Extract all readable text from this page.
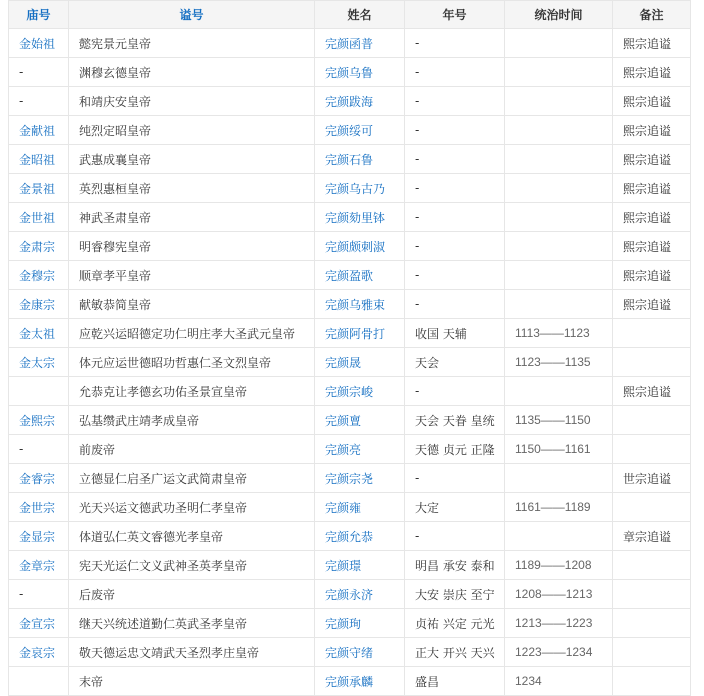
庙号	谥号	姓名	年号	统治时间	备注
金始祖	懿宪景元皇帝	完颜函普	-		熙宗追谥
-	渊穆玄德皇帝	完颜乌鲁	-		熙宗追谥
-	和靖庆安皇帝	完颜跋海	-		熙宗追谥
金献祖	纯烈定昭皇帝	完颜绥可	-		熙宗追谥
金昭祖	武惠成襄皇帝	完颜石鲁	-		熙宗追谥
金景祖	英烈惠桓皇帝	完颜乌古乃	-		熙宗追谥
金世祖	神武圣肃皇帝	完颜劾里钵	-		熙宗追谥
金肃宗	明睿穆宪皇帝	完颜颇刺淑	-		熙宗追谥
金穆宗	顺章孝平皇帝	完颜盈歌	-		熙宗追谥
金康宗	献敏恭简皇帝	完颜乌雅束	-		熙宗追谥
金太祖	应乾兴运昭德定功仁明庄孝大圣武元皇帝	完颜阿骨打	收国 天辅	1113——1123	
金太宗	体元应运世德昭功哲惠仁圣文烈皇帝	完颜晟	天会	1123——1135	
	允恭克让孝德玄功佑圣景宣皇帝	完颜宗峻	-		熙宗追谥
金熙宗	弘基缵武庄靖孝成皇帝	完颜亶	天会 天眷 皇统	1135——1150	
-	前废帝	完颜亮	天德 贞元 正隆	1150——1161	
金睿宗	立德显仁启圣广运文武简肃皇帝	完颜宗尧	-		世宗追谥
金世宗	光天兴运文德武功圣明仁孝皇帝	完颜雍	大定	1161——1189	
金显宗	体道弘仁英文睿德光孝皇帝	完颜允恭	-		章宗追谥
金章宗	宪天光运仁文义武神圣英孝皇帝	完颜璟	明昌 承安 泰和	1189——1208	
-	后废帝	完颜永济	大安 崇庆 至宁	1208——1213	
金宣宗	继天兴统述道勤仁英武圣孝皇帝	完颜珣	贞祐 兴定 元光	1213——1223	
金哀宗	敬天德运忠文靖武天圣烈孝庄皇帝	完颜守绪	正大 开兴 天兴	1223——1234	
	末帝	完颜承麟	盛昌	1234	
